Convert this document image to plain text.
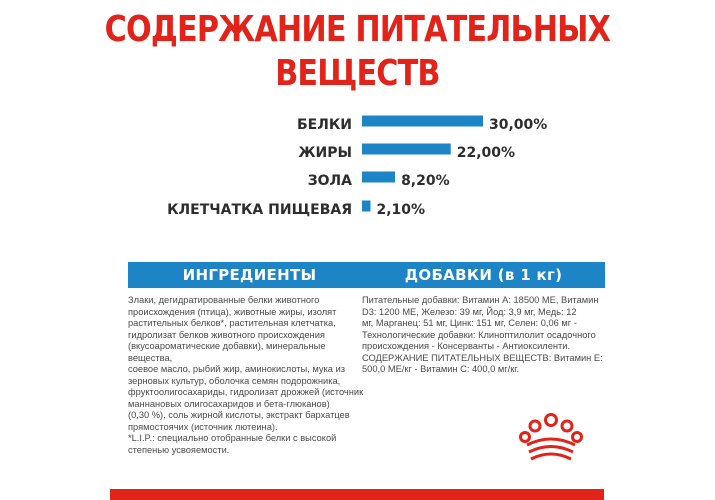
СОДЕРЖАНИЕ ПИТАТЕЛЬНЫХ
ВЕЩЕСТВ
БЕЛКИ	30,00%
ЖИРЫ	22,00%
ЗОЛА	8,20%
КЛЕТЧАТКА ПИЩЕВАЯ 2,10%
ИНГРЕДИЕНТЫ
Злаки, дегидратированные белки животного
происхождения (птица), животные жиры, изолят
растительных белков*, растительная клетчатка,
гидролизат белков животного происхождения
(вкусоароматические добавки), минеральные вещества,
соевое масло, рыбий жир, аминокислоты, мука из
зерновых культур, оболочка семян подорожника,
фруктоолигосахариды, гидролизат дрожжей (источник
маннановых олигосахаридов и бета-глюканов)
(0,30 %), соль жирной кислоты, экстракт бархатцев
прямостоячих (источник лютеина).
*L.I.P.: специально отобранные белки с высокой
степенью усвояемости.
ДОБАВКИ (в 1 кг)
Питательные добавки: Витамин А: 18500 МЕ, Витамин
D3: 1200 МЕ, Железо: 39 мг, Йод: 3,9 мг, Медь: 12
мг, Марганец: 51 мг, Цинк: 151 мг, Селен: 0,06 мг -
Технологические добавки: Клиноптилолит осадочного
происхождения - Консерванты - Антиоксиленти.
СОДЕРЖАНИЕ ПИТАТЕЛЬНЫХ ВЕЩЕСТВ: Витамин Е:
500,0 МЕ/кг - Витамин С: 400,0 мг/кг.
